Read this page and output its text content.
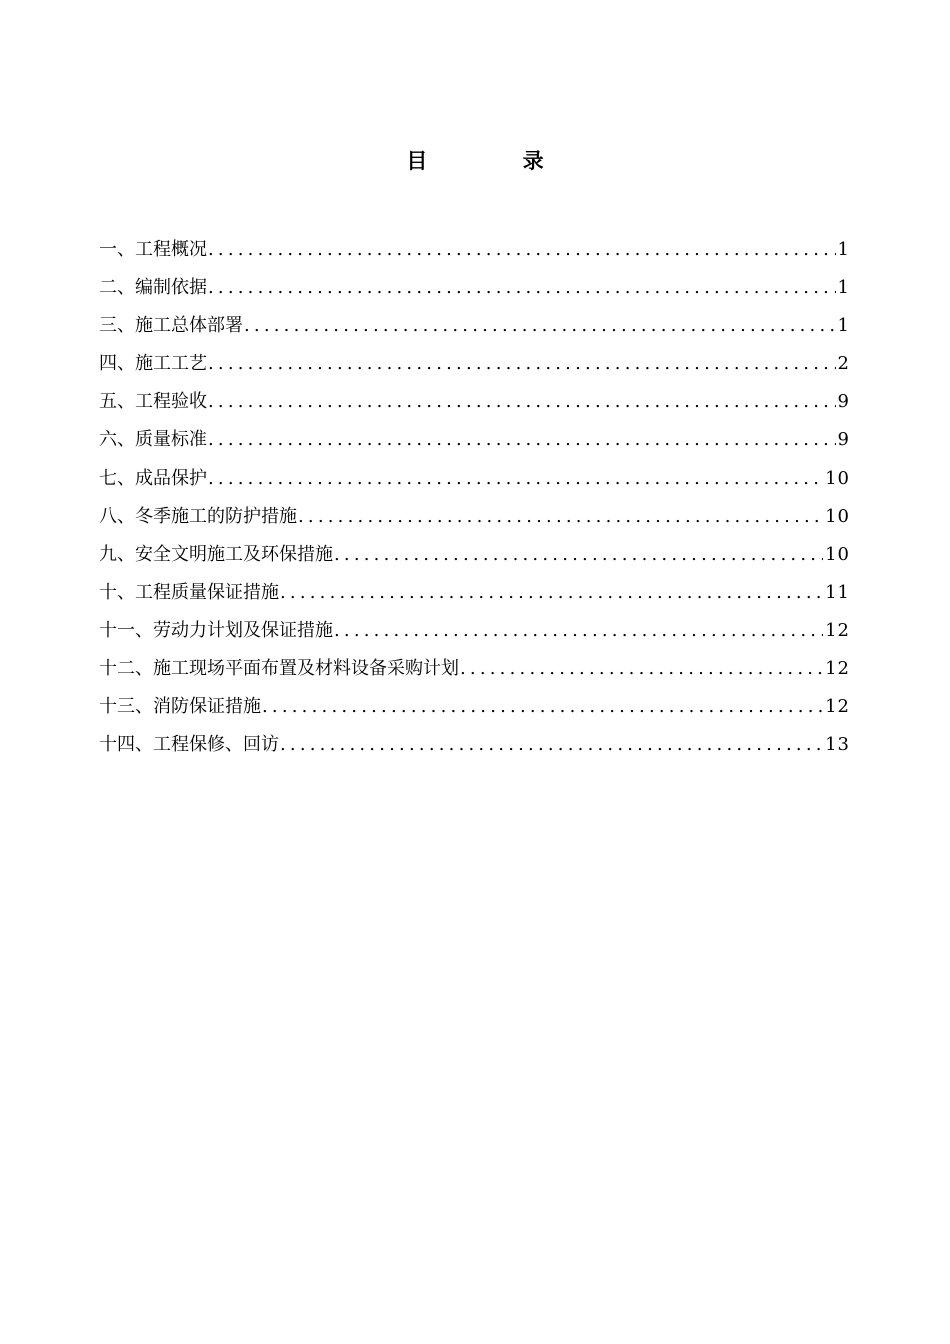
目 录
一、工程概况 .....	1
二、编制依据 .....	1
三、施工总体部署 .....	1
四、施工工艺 .....	2
五、工程验收 .....	9
六、质量标准 .....	9
七、成品保护 .....	10
八、冬季施工的防护措施 .....	10
九、安全文明施工及环保措施 .....	10
十、工程质量保证措施 .....	11
十一、劳动力计划及保证措施 .....	12
十二、施工现场平面布置及材料设备采购计划 .....	12
十三、消防保证措施 .....	12
十四、工程保修、回访 .....	13
